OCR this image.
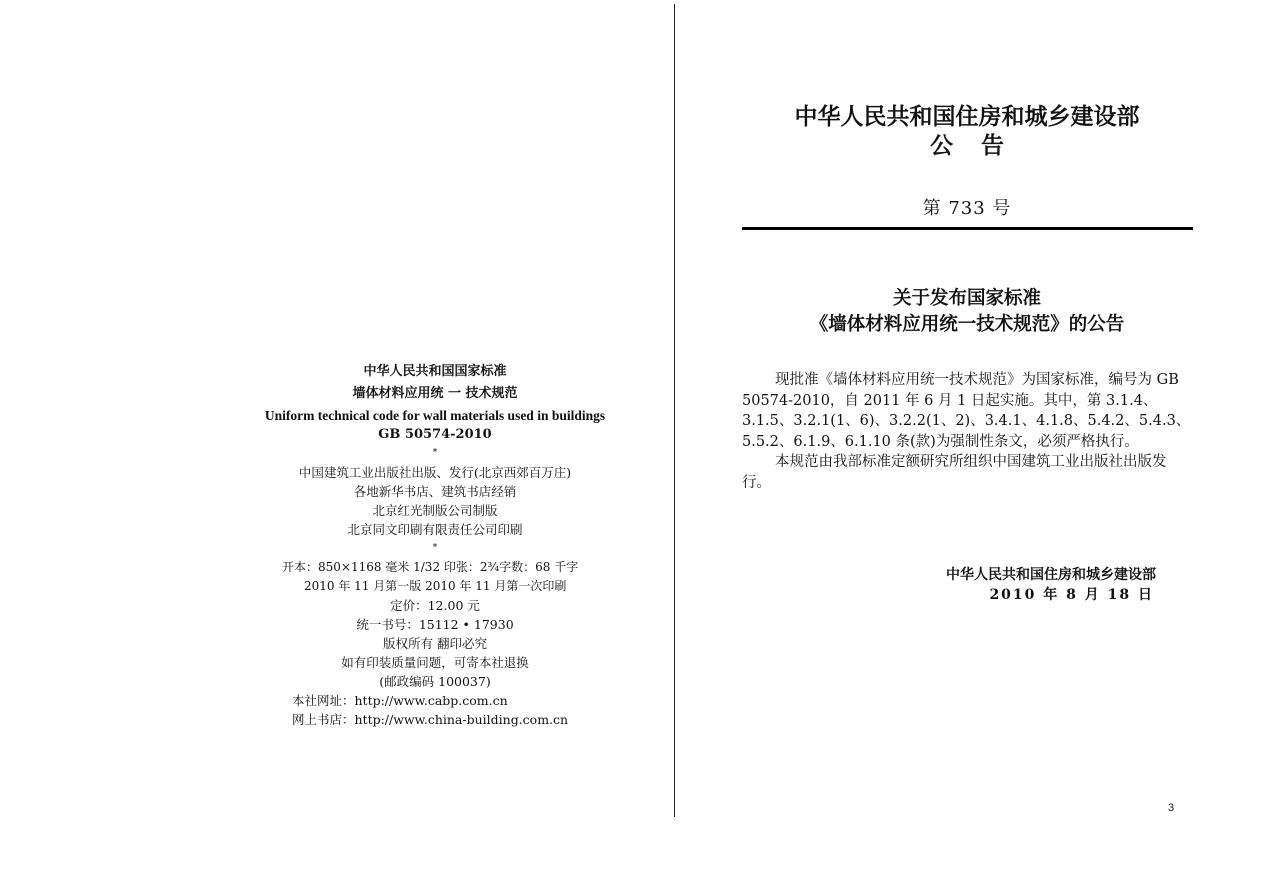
中华人民共和国国家标准
墙体材料应用统 一 技术规范
Uniform technical code for wall materials used in buildings
GB 50574-2010
*
中国建筑工业出版社出版、发行(北京西郊百万庄)
各地新华书店、建筑书店经销
北京红光制版公司制版
北京同文印刷有限责任公司印刷
*
开本：850×1168 毫米 1/32 印张：2¾字数：68 千字 2010 年 11 月第一版 2010 年 11 月第一次印刷
定价：12.00 元
统一书号：15112 • 17930
版权所有 翻印必究
如有印装质量问题，可寄本社退换
(邮政编码 100037)
本社网址：http://www.cabp.com.cn
网上书店：http://www.china-building.com.cn
中华人民共和国住房和城乡建设部
公告
第 733 号
关于发布国家标准
《墙体材料应用统一技术规范》的公告

现批准《墙体材料应用统一技术规范》为国家标准，编号为 GB 50574-2010，自 2011 年 6 月 1 日起实施。其中，第 3.1.4、3.1.5、3.2.1(1、6)、3.2.2(1、2)、3.4.1、4.1.8、5.4.2、5.4.3、5.5.2、6.1.9、6.1.10 条(款)为强制性条文，必须严格执行。

本规范由我部标准定额研究所组织中国建筑工业出版社出版发行。

中华人民共和国住房和城乡建设部
2010 年 8 月 18 日
3
